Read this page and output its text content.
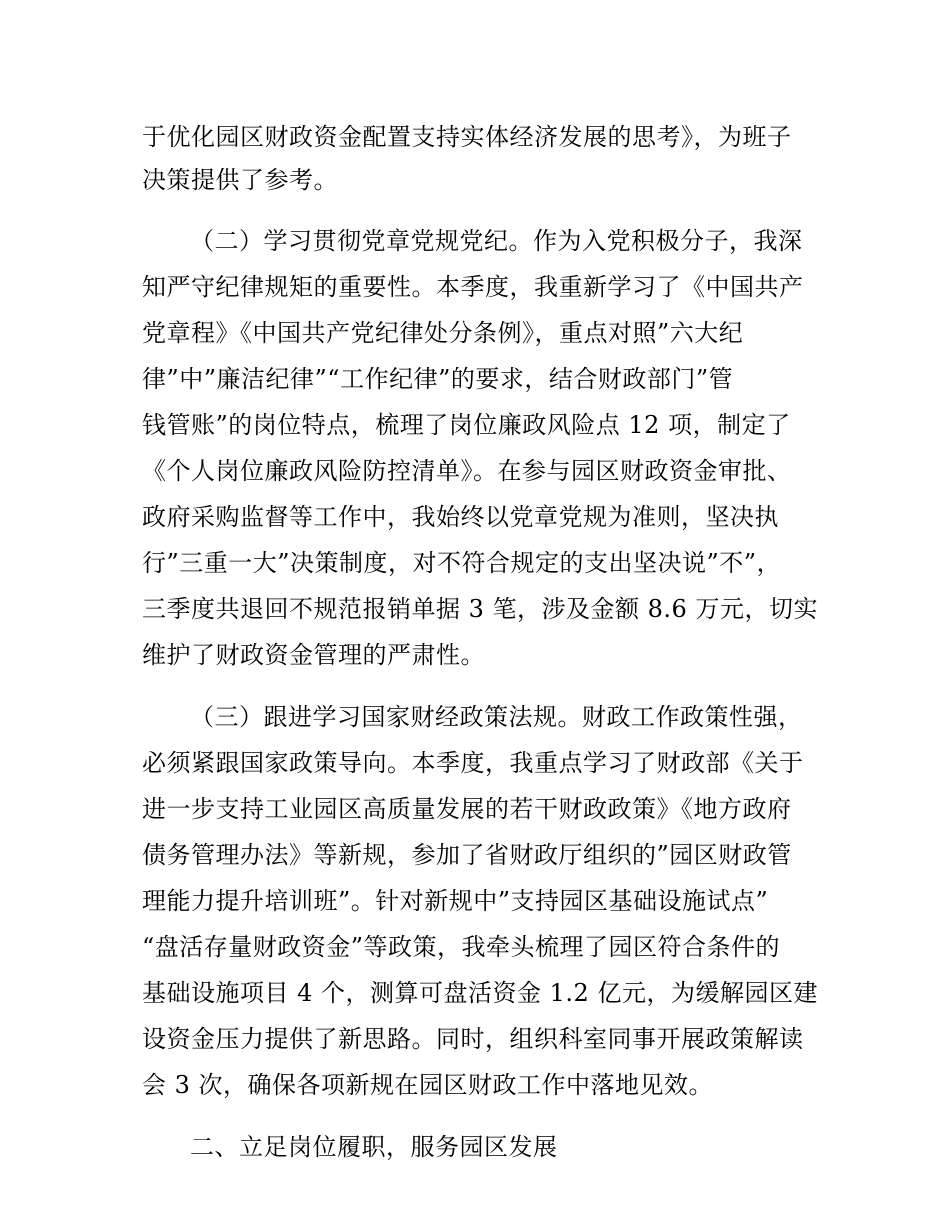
于优化园区财政资金配置支持实体经济发展的思考》，为班子
决策提供了参考。
（二）学习贯彻党章党规党纪。作为入党积极分子，我深
知严守纪律规矩的重要性。本季度，我重新学习了《中国共产
党章程》《中国共产党纪律处分条例》，重点对照”六大纪
律”中”廉洁纪律”“工作纪律”的要求，结合财政部门”管
钱管账”的岗位特点，梳理了岗位廉政风险点 12 项，制定了
《个人岗位廉政风险防控清单》。在参与园区财政资金审批、
政府采购监督等工作中，我始终以党章党规为准则，坚决执
行”三重一大”决策制度，对不符合规定的支出坚决说”不”，
三季度共退回不规范报销单据 3 笔，涉及金额 8.6 万元，切实
维护了财政资金管理的严肃性。
（三）跟进学习国家财经政策法规。财政工作政策性强，
必须紧跟国家政策导向。本季度，我重点学习了财政部《关于
进一步支持工业园区高质量发展的若干财政政策》《地方政府
债务管理办法》等新规，参加了省财政厅组织的”园区财政管
理能力提升培训班”。针对新规中”支持园区基础设施试点”
“盘活存量财政资金”等政策，我牵头梳理了园区符合条件的
基础设施项目 4 个，测算可盘活资金 1.2 亿元，为缓解园区建
设资金压力提供了新思路。同时，组织科室同事开展政策解读
会 3 次，确保各项新规在园区财政工作中落地见效。
二、立足岗位履职，服务园区发展
